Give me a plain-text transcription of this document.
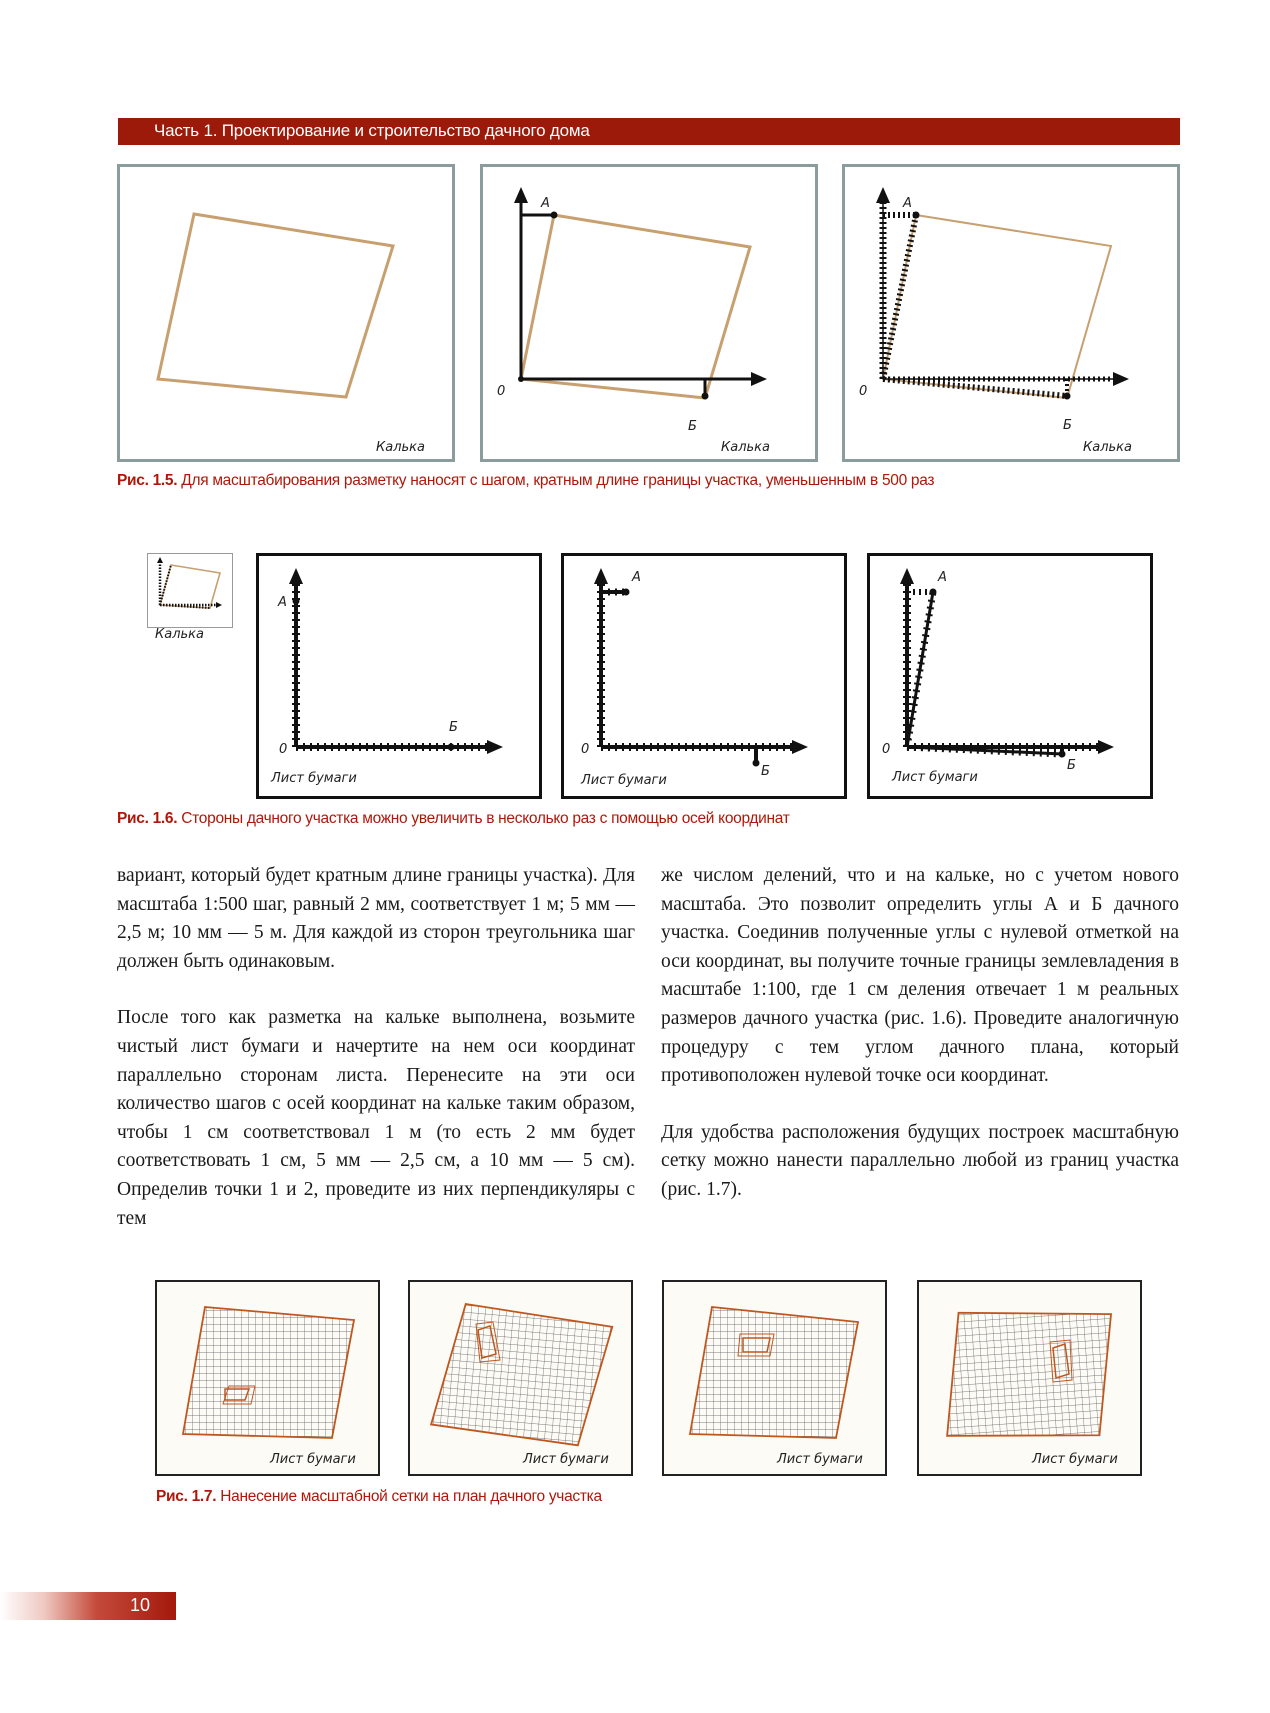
Часть 1. Проектирование и строительство дачного дома
Калька
А
0
Б
Калька
А
0
Б
Калька
Рис. 1.5. Для масштабирования разметку наносят с шагом, кратным длине границы участка, уменьшенным в 500 раз
Калька
А
0
Б
Лист бумаги
А
0
Б
Лист бумаги
А
0
Б
Лист бумаги
Рис. 1.6. Стороны дачного участка можно увеличить в несколько раз с помощью осей координат

вариант, который будет кратным длине границы участка). Для масштаба 1:500 шаг, равный 2 мм, соответствует 1 м; 5 мм — 2,5 м; 10 мм — 5 м. Для каждой из сторон треугольника шаг должен быть одинаковым.

После того как разметка на кальке выполнена, возьмите чистый лист бумаги и начертите на нем оси координат параллельно сторонам листа. Перенесите на эти оси количество шагов с осей координат на кальке таким образом, чтобы 1 см соответствовал 1 м (то есть 2 мм будет соответствовать 1 см, 5 мм — 2,5 см, а 10 мм — 5 см). Определив точки 1 и 2, проведите из них перпендикуляры с тем

же числом делений, что и на кальке, но с учетом нового масштаба. Это позволит определить углы А и Б дачного участка. Соединив полученные углы с нулевой отметкой на оси координат, вы получите точные границы землевладения в масштабе 1:100, где 1 см деления отвечает 1 м реальных размеров дачного участка (рис. 1.6). Проведите аналогичную процедуру с тем углом дачного плана, который противоположен нулевой точке оси координат.

Для удобства расположения будущих построек масштабную сетку можно нанести параллельно любой из границ участка (рис. 1.7).

Лист бумаги	Лист бумаги	Лист бумаги	Лист бумаги
Рис. 1.7. Нанесение масштабной сетки на план дачного участка
10
